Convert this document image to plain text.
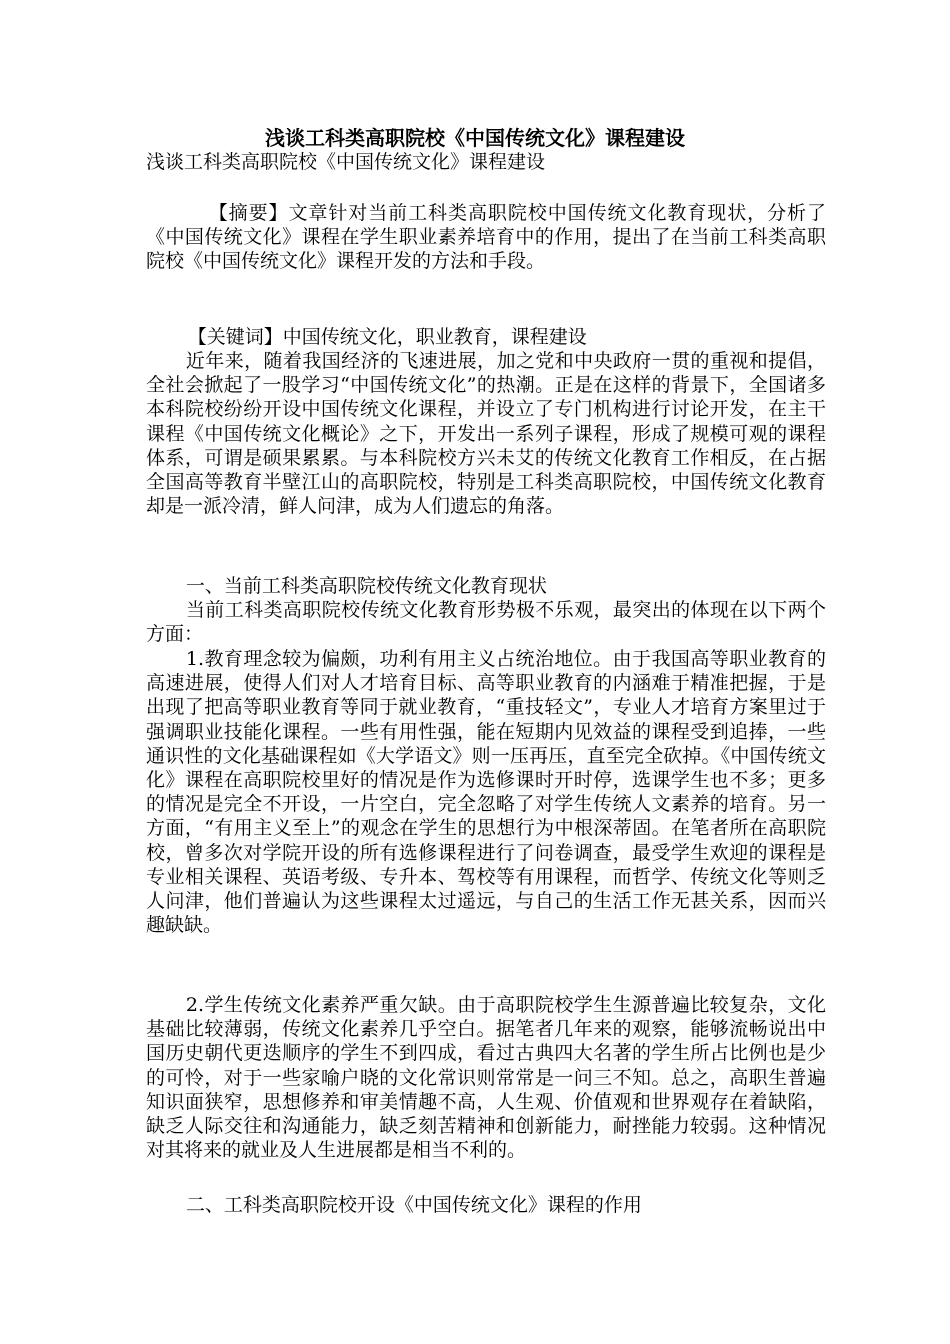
浅谈工科类高职院校《中国传统文化》课程建设

浅谈工科类高职院校《中国传统文化》课程建设

【摘要】文章针对当前工科类高职院校中国传统文化教育现状，分析了《中国传统文化》课程在学生职业素养培育中的作用，提出了在当前工科类高职院校《中国传统文化》课程开发的方法和手段。

【关键词】中国传统文化，职业教育，课程建设

近年来，随着我国经济的飞速进展，加之党和中央政府一贯的重视和提倡，全社会掀起了一股学习“中国传统文化”的热潮。正是在这样的背景下，全国诸多本科院校纷纷开设中国传统文化课程，并设立了专门机构进行讨论开发，在主干课程《中国传统文化概论》之下，开发出一系列子课程，形成了规模可观的课程体系，可谓是硕果累累。与本科院校方兴未艾的传统文化教育工作相反，在占据全国高等教育半壁江山的高职院校，特别是工科类高职院校，中国传统文化教育却是一派冷清，鲜人问津，成为人们遗忘的角落。

一、当前工科类高职院校传统文化教育现状

当前工科类高职院校传统文化教育形势极不乐观，最突出的体现在以下两个方面：

1.教育理念较为偏颇，功利有用主义占统治地位。由于我国高等职业教育的高速进展，使得人们对人才培育目标、高等职业教育的内涵难于精准把握，于是出现了把高等职业教育等同于就业教育，“重技轻文”，专业人才培育方案里过于强调职业技能化课程。一些有用性强，能在短期内见效益的课程受到追捧，一些通识性的文化基础课程如《大学语文》则一压再压，直至完全砍掉。《中国传统文化》课程在高职院校里好的情况是作为选修课时开时停，选课学生也不多；更多的情况是完全不开设，一片空白，完全忽略了对学生传统人文素养的培育。另一方面，“有用主义至上”的观念在学生的思想行为中根深蒂固。在笔者所在高职院校，曾多次对学院开设的所有选修课程进行了问卷调查，最受学生欢迎的课程是专业相关课程、英语考级、专升本、驾校等有用课程，而哲学、传统文化等则乏人问津，他们普遍认为这些课程太过遥远，与自己的生活工作无甚关系，因而兴趣缺缺。

2.学生传统文化素养严重欠缺。由于高职院校学生生源普遍比较复杂，文化基础比较薄弱，传统文化素养几乎空白。据笔者几年来的观察，能够流畅说出中国历史朝代更迭顺序的学生不到四成，看过古典四大名著的学生所占比例也是少的可怜，对于一些家喻户晓的文化常识则常常是一问三不知。总之，高职生普遍知识面狭窄，思想修养和审美情趣不高，人生观、价值观和世界观存在着缺陷，缺乏人际交往和沟通能力，缺乏刻苦精神和创新能力，耐挫能力较弱。这种情况对其将来的就业及人生进展都是相当不利的。

二、工科类高职院校开设《中国传统文化》课程的作用
